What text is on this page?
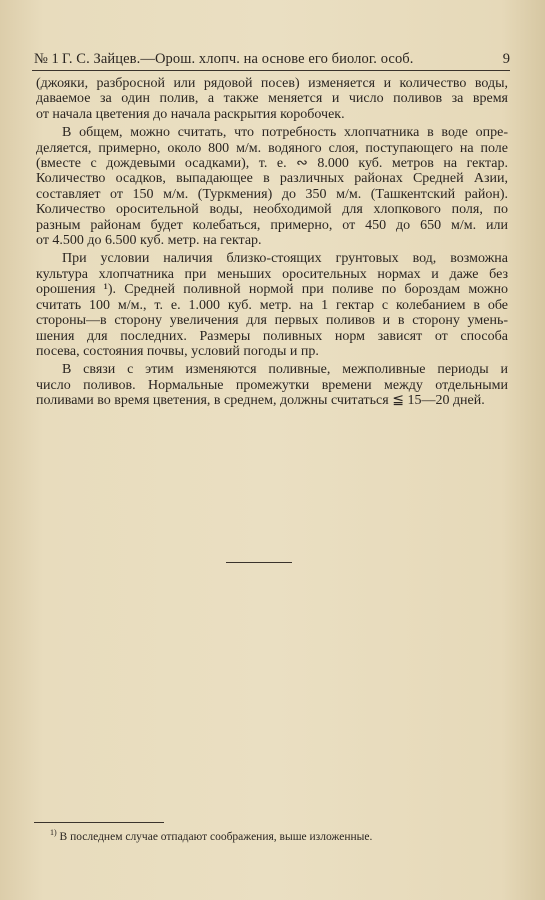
№ 1 Г. С. Зайцев.—Орош. хлопч. на основе его биолог. особ.	9

(джояки, разбросной или рядовой посев) изменяется и количество воды,
даваемое за один полив, а также меняется и число поливов за время
от начала цветения до начала раскрытия коробочек.

В общем, можно считать, что потребность хлопчатника в воде опре-
деляется, примерно, около 800 м/м. водяного слоя, поступающего на поле
(вместе с дождевыми осадками), т. е. ∾ 8.000 куб. метров на гектар.
Количество осадков, выпадающее в различных районах Средней Азии,
составляет от 150 м/м. (Туркмения) до 350 м/м. (Ташкентский район).
Количество оросительной воды, необходимой для хлопкового поля, по
разным районам будет колебаться, примерно, от 450 до 650 м/м. или
от 4.500 до 6.500 куб. метр. на гектар.

При условии наличия близко-стоящих грунтовых вод, возможна
культура хлопчатника при меньших оросительных нормах и даже без
орошения ¹). Средней поливной нормой при поливе по бороздам можно
считать 100 м/м., т. е. 1.000 куб. метр. на 1 гектар с колебанием в обе
стороны—в сторону увеличения для первых поливов и в сторону умень-
шения для последних. Размеры поливных норм зависят от способа
посева, состояния почвы, условий погоды и пр.

В связи с этим изменяются поливные, межполивные периоды и
число поливов. Нормальные промежутки времени между отдельными
поливами во время цветения, в среднем, должны считаться ≦ 15—20 дней.

$^{1)}$ В последнем случае отпадают соображения, выше изложенные.
